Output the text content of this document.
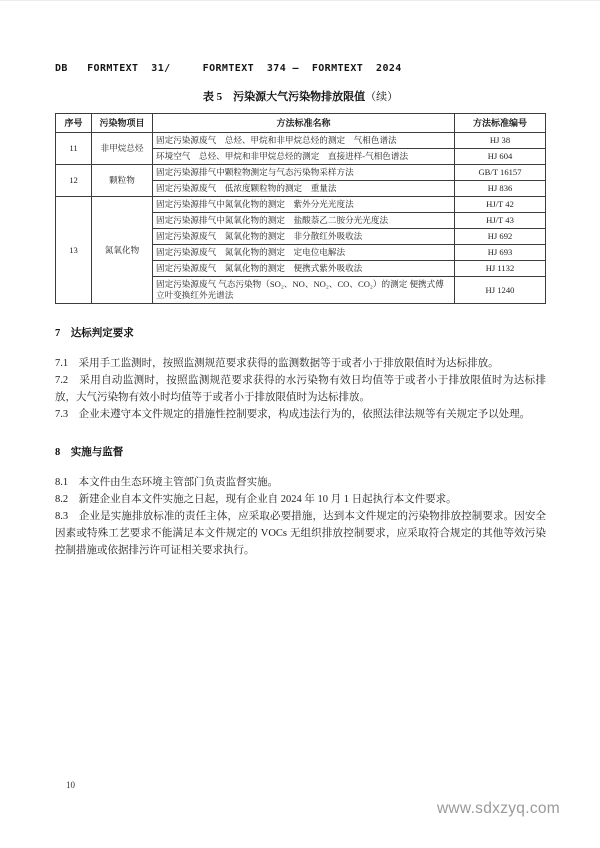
DB   FORMTEXT  31/     FORMTEXT  374 —  FORMTEXT  2024
表 5　污染源大气污染物排放限值（续）
序号	污染物项目	方法标准名称	方法标准编号
11	非甲烷总烃	固定污染源废气　总烃、甲烷和非甲烷总烃的测定　气相色谱法	HJ 38
		环境空气　总烃、甲烷和非甲烷总烃的测定　直接进样-气相色谱法	HJ 604
12	颗粒物	固定污染源排气中颗粒物测定与气态污染物采样方法	GB/T 16157
		固定污染源废气　低浓度颗粒物的测定　重量法	HJ 836
13	氮氧化物	固定污染源排气中氮氧化物的测定　紫外分光光度法	HJ/T 42
		固定污染源排气中氮氧化物的测定　盐酸萘乙二胺分光光度法	HJ/T 43
		固定污染源废气　氮氧化物的测定　非分散红外吸收法	HJ 692
		固定污染源废气　氮氧化物的测定　定电位电解法	HJ 693
		固定污染源废气　氮氧化物的测定　便携式紫外吸收法	HJ 1132
		固定污染源废气 气态污染物（SO₂、NO、NO₂、CO、CO₂）的测定 便携式傅立叶变换红外光谱法	HJ 1240
7　达标判定要求

7.1　采用手工监测时，按照监测规范要求获得的监测数据等于或者小于排放限值时为达标排放。

7.2　采用自动监测时，按照监测规范要求获得的水污染物有效日均值等于或者小于排放限值时为达标排放，大气污染物有效小时均值等于或者小于排放限值时为达标排放。

7.3　企业未遵守本文件规定的措施性控制要求，构成违法行为的，依照法律法规等有关规定予以处理。

8　实施与监督

8.1　本文件由生态环境主管部门负责监督实施。

8.2　新建企业自本文件实施之日起，现有企业自 2024 年 10 月 1 日起执行本文件要求。

8.3　企业是实施排放标准的责任主体，应采取必要措施，达到本文件规定的污染物排放控制要求。因安全因素或特殊工艺要求不能满足本文件规定的 VOCs 无组织排放控制要求，应采取符合规定的其他等效污染控制措施或依据排污许可证相关要求执行。

10
www.sdxzyq.com
